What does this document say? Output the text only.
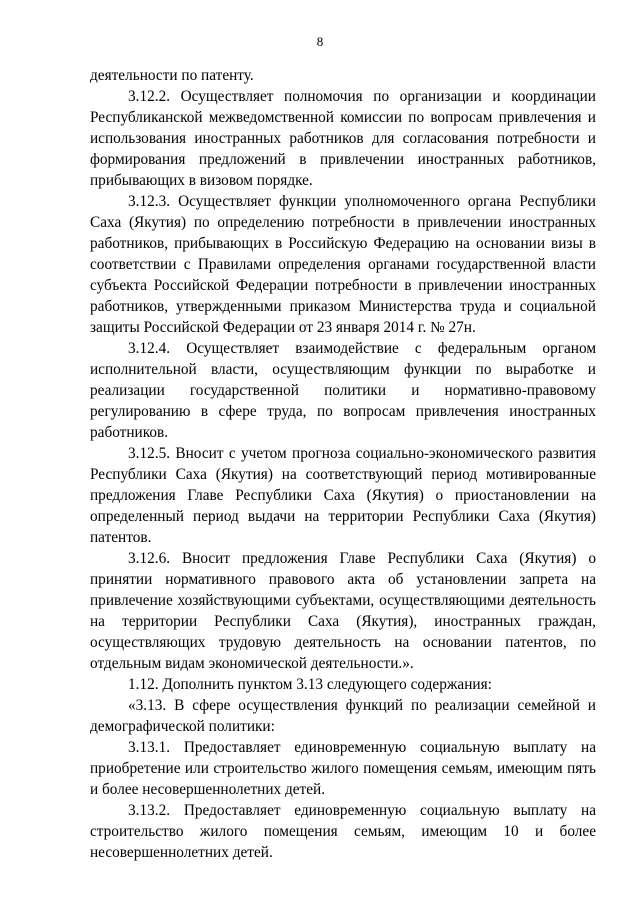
8

деятельности по патенту.

3.12.2. Осуществляет полномочия по организации и координации Республиканской межведомственной комиссии по вопросам привлечения и использования иностранных работников для согласования потребности и формирования предложений в привлечении иностранных работников, прибывающих в визовом порядке.

3.12.3. Осуществляет функции уполномоченного органа Республики Саха (Якутия) по определению потребности в привлечении иностранных работников, прибывающих в Российскую Федерацию на основании визы в соответствии с Правилами определения органами государственной власти субъекта Российской Федерации потребности в привлечении иностранных работников, утвержденными приказом Министерства труда и социальной защиты Российской Федерации от 23 января 2014 г. № 27н.

3.12.4. Осуществляет взаимодействие с федеральным органом исполнительной власти, осуществляющим функции по выработке и реализации государственной политики и нормативно-правовому регулированию в сфере труда, по вопросам привлечения иностранных работников.

3.12.5. Вносит с учетом прогноза социально-экономического развития Республики Саха (Якутия) на соответствующий период мотивированные предложения Главе Республики Саха (Якутия) о приостановлении на определенный период выдачи на территории Республики Саха (Якутия) патентов.

3.12.6. Вносит предложения Главе Республики Саха (Якутия) о принятии нормативного правового акта об установлении запрета на привлечение хозяйствующими субъектами, осуществляющими деятельность на территории Республики Саха (Якутия), иностранных граждан, осуществляющих трудовую деятельность на основании патентов, по отдельным видам экономической деятельности.».

1.12. Дополнить пунктом 3.13 следующего содержания:

«3.13. В сфере осуществления функций по реализации семейной и демографической политики:

3.13.1. Предоставляет единовременную социальную выплату на приобретение или строительство жилого помещения семьям, имеющим пять и более несовершеннолетних детей.

3.13.2. Предоставляет единовременную социальную выплату на строительство жилого помещения семьям, имеющим 10 и более несовершеннолетних детей.
